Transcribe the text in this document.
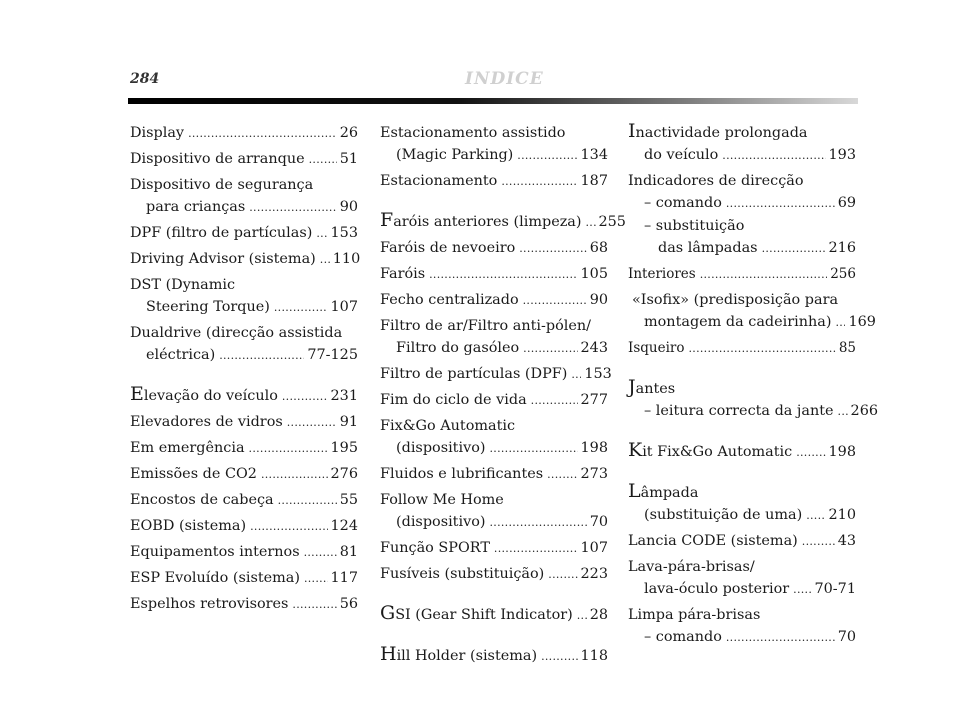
284	INDICE
Display . . .	26
Dispositivo de arranque . . . 51
Dispositivo de segurança
para crianças . . .	90
DPF (filtro de partículas) . . . 153
Driving Advisor (sistema) . . . 110
DST (Dynamic
Steering Torque) . . .	107
Dualdrive (direcção assistida
eléctrica) . . .	77-125
Elevação do veículo . . .	231
Elevadores de vidros . . .	91
Em emergência . . .	195
Emissões de CO2 . . .	276
Encostos de cabeça . . .	55
EOBD (sistema) . . .	124
Equipamentos internos . . .	81
ESP Evoluído (sistema) . . . 117
Espelhos retrovisores . . .	56
Estacionamento assistido
(Magic Parking) . . .	134
Estacionamento . . .	187
Faróis anteriores (limpeza) . . . 255
Faróis de nevoeiro . . .	68
Faróis . . .	105
Fecho centralizado . . .	90
Filtro de ar/Filtro anti-pólen/
Filtro do gasóleo . . .	243
Filtro de partículas (DPF) . . . 153
Fim do ciclo de vida . . .	277
Fix&Go Automatic
(dispositivo) . . .	198
Fluidos e lubrificantes . . .	273
Follow Me Home
(dispositivo) . . .	70
Função SPORT . . .	107
Fusíveis (substituição) . . .	223
GSI (Gear Shift Indicator) . . . 28
Hill Holder (sistema) . . .	118
Inactividade prolongada
do veículo . . .	193
Indicadores de direcção
– comando . . .	69
– substituição
das lâmpadas . . .	216
Interiores . . .	256
«Isofix» (predisposição para
montagem da cadeirinha) . . . 169
Isqueiro . . .	85
Jantes
– leitura correcta da jante . . . 266
Kit Fix&Go Automatic . . .	198
Lâmpada
(substituição de uma) . . . 210
Lancia CODE (sistema) . . .	43
Lava-pára-brisas/
lava-óculo posterior . . . 70-71
Limpa pára-brisas
– comando . . .	70
